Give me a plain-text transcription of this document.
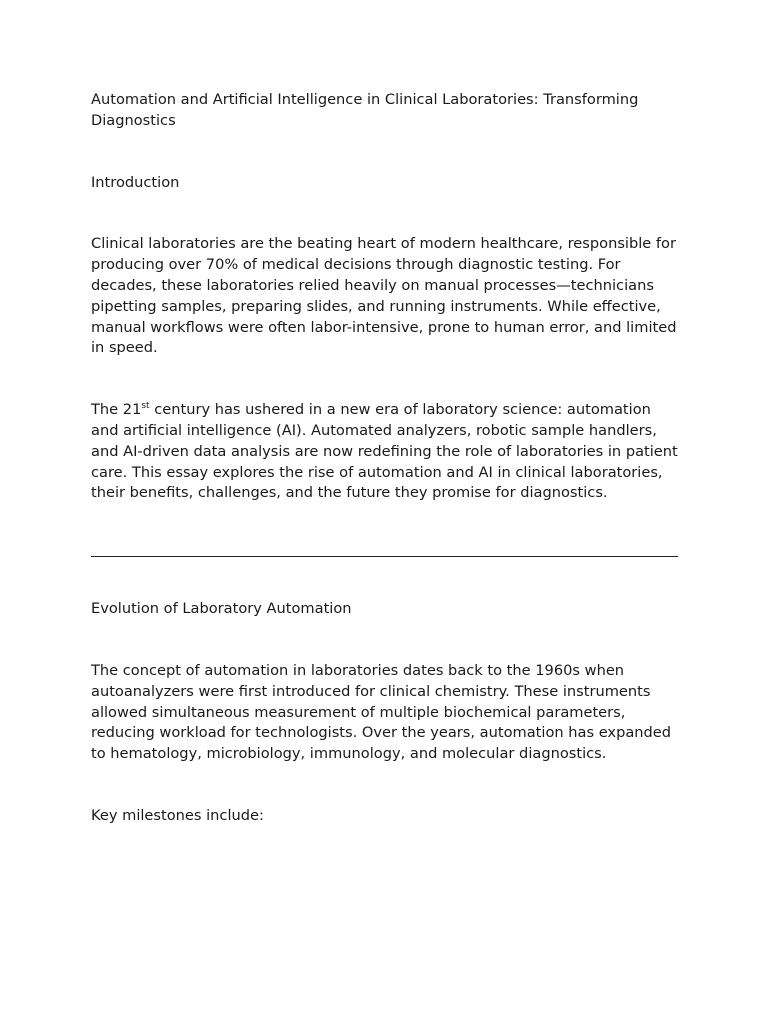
Automation and Artificial Intelligence in Clinical Laboratories: Transforming Diagnostics

Introduction

Clinical laboratories are the beating heart of modern healthcare, responsible for producing over 70% of medical decisions through diagnostic testing. For decades, these laboratories relied heavily on manual processes—technicians pipetting samples, preparing slides, and running instruments. While effective, manual workflows were often labor-intensive, prone to human error, and limited in speed.

The 21st century has ushered in a new era of laboratory science: automation and artificial intelligence (AI). Automated analyzers, robotic sample handlers, and AI-driven data analysis are now redefining the role of laboratories in patient care. This essay explores the rise of automation and AI in clinical laboratories, their benefits, challenges, and the future they promise for diagnostics.

Evolution of Laboratory Automation

The concept of automation in laboratories dates back to the 1960s when autoanalyzers were first introduced for clinical chemistry. These instruments allowed simultaneous measurement of multiple biochemical parameters, reducing workload for technologists. Over the years, automation has expanded to hematology, microbiology, immunology, and molecular diagnostics.

Key milestones include:
